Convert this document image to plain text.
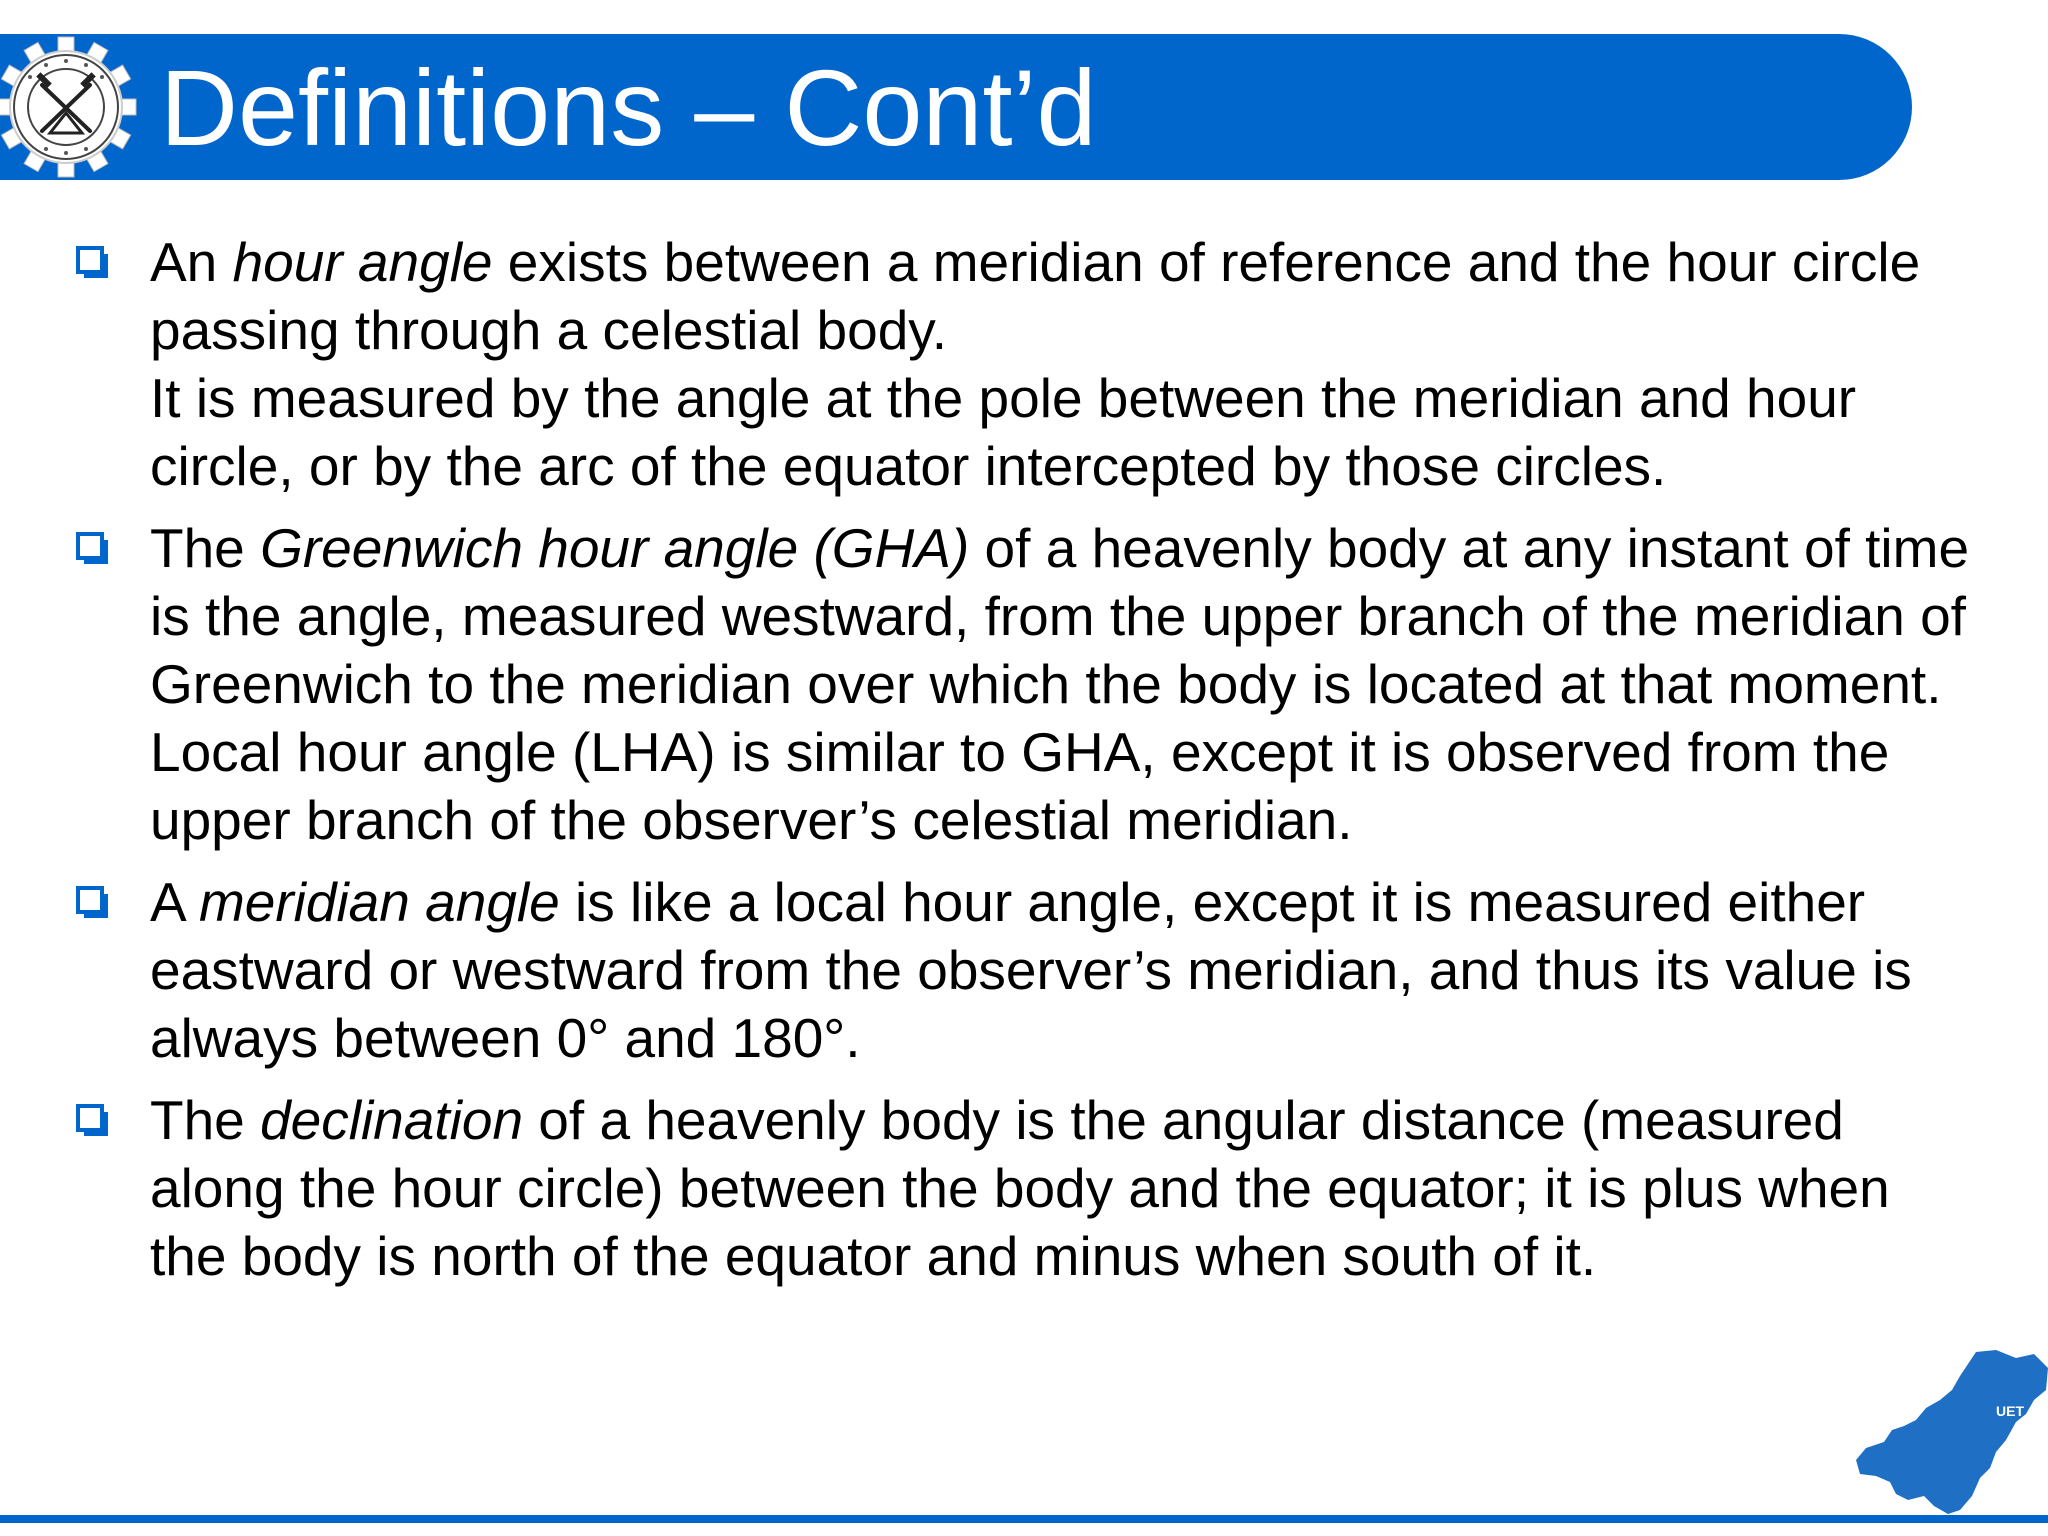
Definitions – Cont’d

An hour angle exists between a meridian of reference and the hour circle passing through a celestial body.

It is measured by the angle at the pole between the meridian and hour circle, or by the arc of the equator intercepted by those circles.

The Greenwich hour angle (GHA) of a heavenly body at any instant of time is the angle, measured westward, from the upper branch of the meridian of Greenwich to the meridian over which the body is located at that moment.

Local hour angle (LHA) is similar to GHA, except it is observed from the upper branch of the observer’s celestial meridian.

A meridian angle is like a local hour angle, except it is measured either eastward or westward from the observer’s meridian, and thus its value is always between 0° and 180°.

The declination of a heavenly body is the angular distance (measured along the hour circle) between the body and the equator; it is plus when the body is north of the equator and minus when south of it.

UET
